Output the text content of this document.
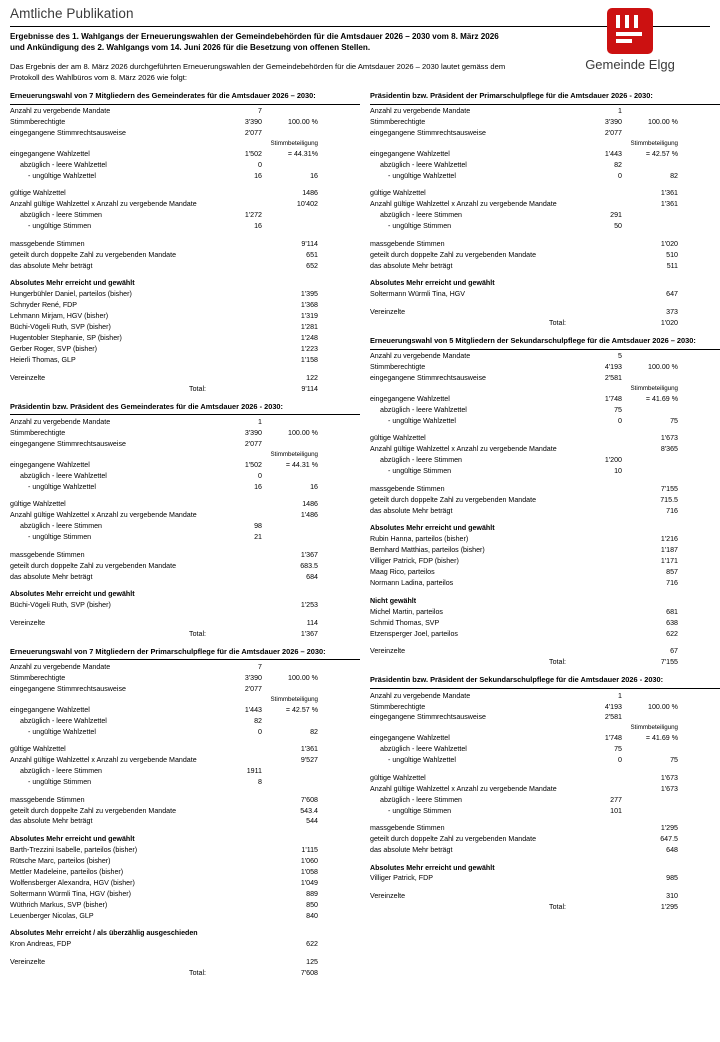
Gemeinde Elgg
Amtliche Publikation
Ergebnisse des 1. Wahlgangs der Erneuerungswahlen der Gemeindebehörden für die Amtsdauer 2026 – 2030 vom 8. März 2026 und Ankündigung des 2. Wahlgangs vom 14. Juni 2026 für die Besetzung von offenen Stellen.
Das Ergebnis der am 8. März 2026 durchgeführten Erneuerungswahlen der Gemeindebehörden für die Amtsdauer 2026 – 2030 lautet gemäss dem Protokoll des Wahlbüros vom 8. März 2026 wie folgt:
Erneuerungswahl von 7 Mitgliedern des Gemeinderates für die Amtsdauer 2026 – 2030:
Anzahl zu vergebende Mandate	7		
Stimmberechtigte	3'390	100.00 %	
eingegangene Stimmrechtsausweise	2'077		
		Stimmbeteiligung	
eingegangene Wahlzettel	1'502	= 44.31%	
abzüglich - leere Wahlzettel	0		
- ungültige Wahlzettel	16	16	

gültige Wahlzettel		1486	
Anzahl gültige Wahlzettel x Anzahl zu vergebende Mandate		10'402	
abzüglich - leere Stimmen	1'272		
- ungültige Stimmen	16		

massgebende Stimmen		9'114	
geteilt durch doppelte Zahl zu vergebenden Mandate		651	
das absolute Mehr beträgt		652	

Absolutes Mehr erreicht und gewählt			
Hungerbühler Daniel, parteilos (bisher)		1'395	
Schnyder René, FDP		1'368	
Lehmann Mirjam, HGV (bisher)		1'319	
Büchi-Vögeli Ruth, SVP (bisher)		1'281	
Hugentobler Stephanie, SP (bisher)		1'248	
Gerber Roger, SVP (bisher)		1'223	
Heierli Thomas, GLP		1'158	

Vereinzelte		122	
Total:		9'114	
Präsidentin bzw. Präsident des Gemeinderates für die Amtsdauer 2026 - 2030:
Anzahl zu vergebende Mandate	1		
Stimmberechtigte	3'390	100.00 %	
eingegangene Stimmrechtsausweise	2'077		
		Stimmbeteiligung	
eingegangene Wahlzettel	1'502	= 44.31 %	
abzüglich - leere Wahlzettel	0		
- ungültige Wahlzettel	16	16	

gültige Wahlzettel		1486	
Anzahl gültige Wahlzettel x Anzahl zu vergebende Mandate		1'486	
abzüglich - leere Stimmen	98		
- ungültige Stimmen	21		

massgebende Stimmen		1'367	
geteilt durch doppelte Zahl zu vergebenden Mandate		683.5	
das absolute Mehr beträgt		684	

Absolutes Mehr erreicht und gewählt			
Büchi-Vögeli Ruth, SVP (bisher)		1'253	

Vereinzelte		114	
Total:		1'367	
Erneuerungswahl von 7 Mitgliedern der Primarschulpflege für die Amtsdauer 2026 – 2030:
Anzahl zu vergebende Mandate	7		
Stimmberechtigte	3'390	100.00 %	
eingegangene Stimmrechtsausweise	2'077		
		Stimmbeteiligung	
eingegangene Wahlzettel	1'443	= 42.57 %	
abzüglich - leere Wahlzettel	82		
- ungültige Wahlzettel	0	82	

gültige Wahlzettel		1'361	
Anzahl gültige Wahlzettel x Anzahl zu vergebende Mandate		9'527	
abzüglich - leere Stimmen	1911		
- ungültige Stimmen	8		

massgebende Stimmen		7'608	
geteilt durch doppelte Zahl zu vergebenden Mandate		543.4	
das absolute Mehr beträgt		544	

Absolutes Mehr erreicht und gewählt			
Barth-Trezzini Isabelle, parteilos (bisher)		1'115	
Rütsche Marc, parteilos (bisher)		1'060	
Mettler Madeleine, parteilos (bisher)		1'058	
Wolfensberger Alexandra, HGV (bisher)		1'049	
Soltermann Würmli Tina, HGV (bisher)		889	
Wüthrich Markus, SVP (bisher)		850	
Leuenberger Nicolas, GLP		840	

Absolutes Mehr erreicht / als überzählig ausgeschieden			
Kron Andreas, FDP		622	

Vereinzelte		125	
Total:		7'608	
Präsidentin bzw. Präsident der Primarschulpflege für die Amtsdauer 2026 - 2030:
Anzahl zu vergebende Mandate	1		
Stimmberechtigte	3'390	100.00 %	
eingegangene Stimmrechtsausweise	2'077		
		Stimmbeteiligung	
eingegangene Wahlzettel	1'443	= 42.57 %	
abzüglich - leere Wahlzettel	82		
- ungültige Wahlzettel	0	82	

gültige Wahlzettel		1'361	
Anzahl gültige Wahlzettel x Anzahl zu vergebende Mandate		1'361	
abzüglich - leere Stimmen	291		
- ungültige Stimmen	50		

massgebende Stimmen		1'020	
geteilt durch doppelte Zahl zu vergebenden Mandate		510	
das absolute Mehr beträgt		511	

Absolutes Mehr erreicht und gewählt			
Soltermann Würmli Tina, HGV		647	

Vereinzelte		373	
Total:		1'020	
Erneuerungswahl von 5 Mitgliedern der Sekundarschulpflege für die Amtsdauer 2026 – 2030:
Anzahl zu vergebende Mandate	5		
Stimmberechtigte	4'193	100.00 %	
eingegangene Stimmrechtsausweise	2'581		
		Stimmbeteiligung	
eingegangene Wahlzettel	1'748	= 41.69 %	
abzüglich - leere Wahlzettel	75		
- ungültige Wahlzettel	0	75	

gültige Wahlzettel		1'673	
Anzahl gültige Wahlzettel x Anzahl zu vergebende Mandate		8'365	
abzüglich - leere Stimmen	1'200		
- ungültige Stimmen	10		

massgebende Stimmen		7'155	
geteilt durch doppelte Zahl zu vergebenden Mandate		715.5	
das absolute Mehr beträgt		716	

Absolutes Mehr erreicht und gewählt			
Rubin Hanna, parteilos (bisher)		1'216	
Bernhard Matthias, parteilos (bisher)		1'187	
Villiger Patrick, FDP (bisher)		1'171	
Maag Rico, parteilos		857	
Normann Ladina, parteilos		716	

Nicht gewählt			
Michel Martin, parteilos		681	
Schmid Thomas, SVP		638	
Etzensperger Joel, parteilos		622	

Vereinzelte		67	
Total:		7'155	
Präsidentin bzw. Präsident der Sekundarschulpflege für die Amtsdauer 2026 - 2030:
Anzahl zu vergebende Mandate	1		
Stimmberechtigte	4'193	100.00 %	
eingegangene Stimmrechtsausweise	2'581		
		Stimmbeteiligung	
eingegangene Wahlzettel	1'748	= 41.69 %	
abzüglich - leere Wahlzettel	75		
- ungültige Wahlzettel	0	75	

gültige Wahlzettel		1'673	
Anzahl gültige Wahlzettel x Anzahl zu vergebende Mandate		1'673	
abzüglich - leere Stimmen	277		
- ungültige Stimmen	101		

massgebende Stimmen		1'295	
geteilt durch doppelte Zahl zu vergebenden Mandate		647.5	
das absolute Mehr beträgt		648	

Absolutes Mehr erreicht und gewählt			
Villiger Patrick, FDP		985	

Vereinzelte		310	
Total:		1'295	
